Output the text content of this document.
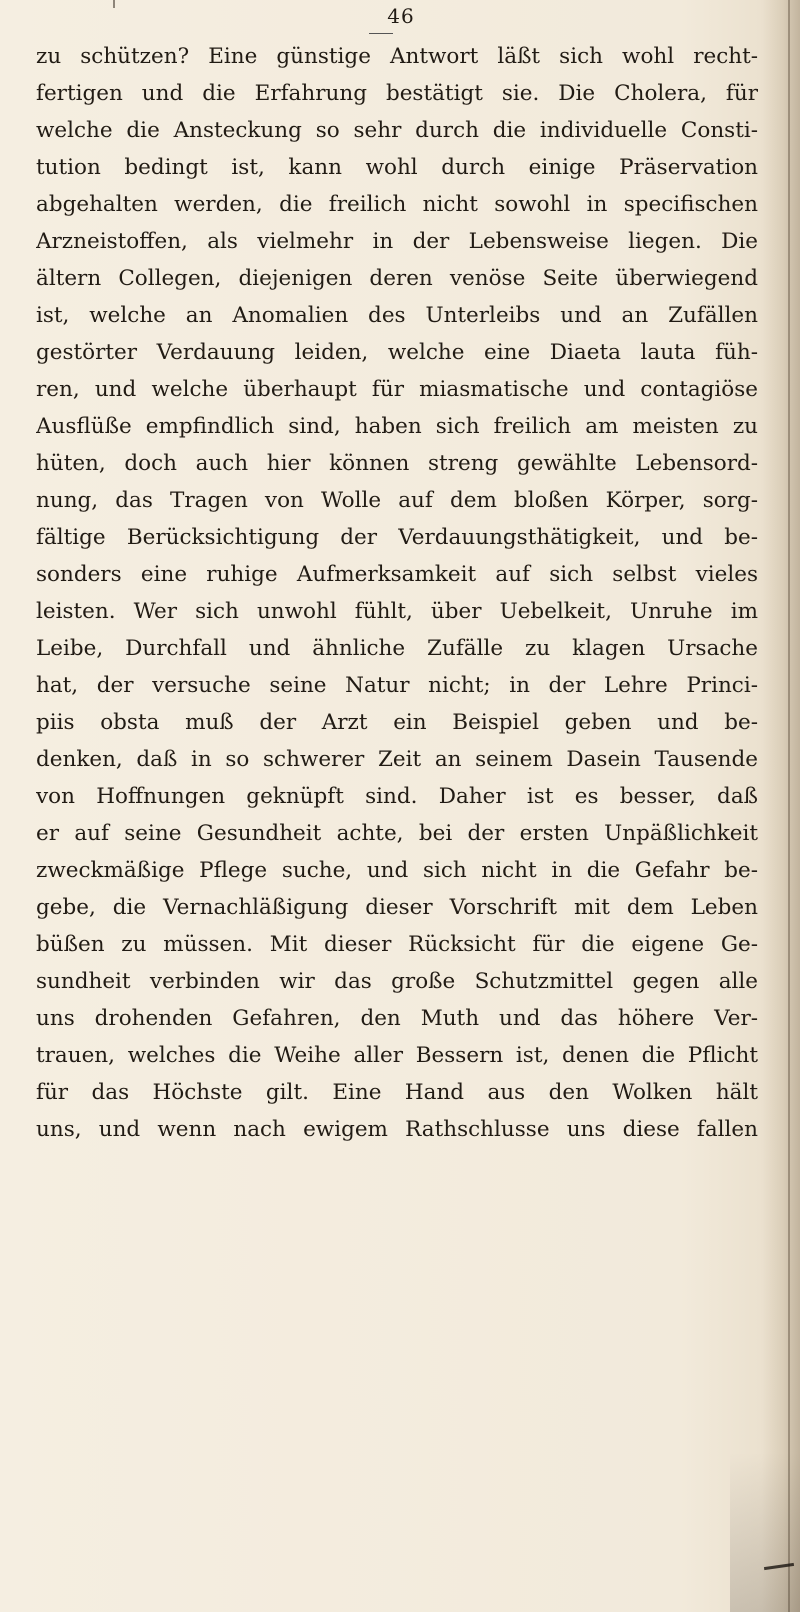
46
zu schützen? Eine günstige Antwort läßt sich wohl recht-
fertigen und die Erfahrung bestätigt sie. Die Cholera, für
welche die Ansteckung so sehr durch die individuelle Consti-
tution bedingt ist, kann wohl durch einige Präservation
abgehalten werden, die freilich nicht sowohl in specifischen
Arzneistoffen, als vielmehr in der Lebensweise liegen. Die
ältern Collegen, diejenigen deren venöse Seite überwiegend
ist, welche an Anomalien des Unterleibs und an Zufällen
gestörter Verdauung leiden, welche eine Diaeta lauta füh-
ren, und welche überhaupt für miasmatische und contagiöse
Ausflüße empfindlich sind, haben sich freilich am meisten zu
hüten, doch auch hier können streng gewählte Lebensord-
nung, das Tragen von Wolle auf dem bloßen Körper, sorg-
fältige Berücksichtigung der Verdauungsthätigkeit, und be-
sonders eine ruhige Aufmerksamkeit auf sich selbst vieles
leisten. Wer sich unwohl fühlt, über Uebelkeit, Unruhe im
Leibe, Durchfall und ähnliche Zufälle zu klagen Ursache
hat, der versuche seine Natur nicht; in der Lehre Princi-
piis obsta muß der Arzt ein Beispiel geben und be-
denken, daß in so schwerer Zeit an seinem Dasein Tausende
von Hoffnungen geknüpft sind. Daher ist es besser, daß
er auf seine Gesundheit achte, bei der ersten Unpäßlichkeit
zweckmäßige Pflege suche, und sich nicht in die Gefahr be-
gebe, die Vernachläßigung dieser Vorschrift mit dem Leben
büßen zu müssen. Mit dieser Rücksicht für die eigene Ge-
sundheit verbinden wir das große Schutzmittel gegen alle
uns drohenden Gefahren, den Muth und das höhere Ver-
trauen, welches die Weihe aller Bessern ist, denen die Pflicht
für das Höchste gilt. Eine Hand aus den Wolken hält
uns, und wenn nach ewigem Rathschlusse uns diese fallen
